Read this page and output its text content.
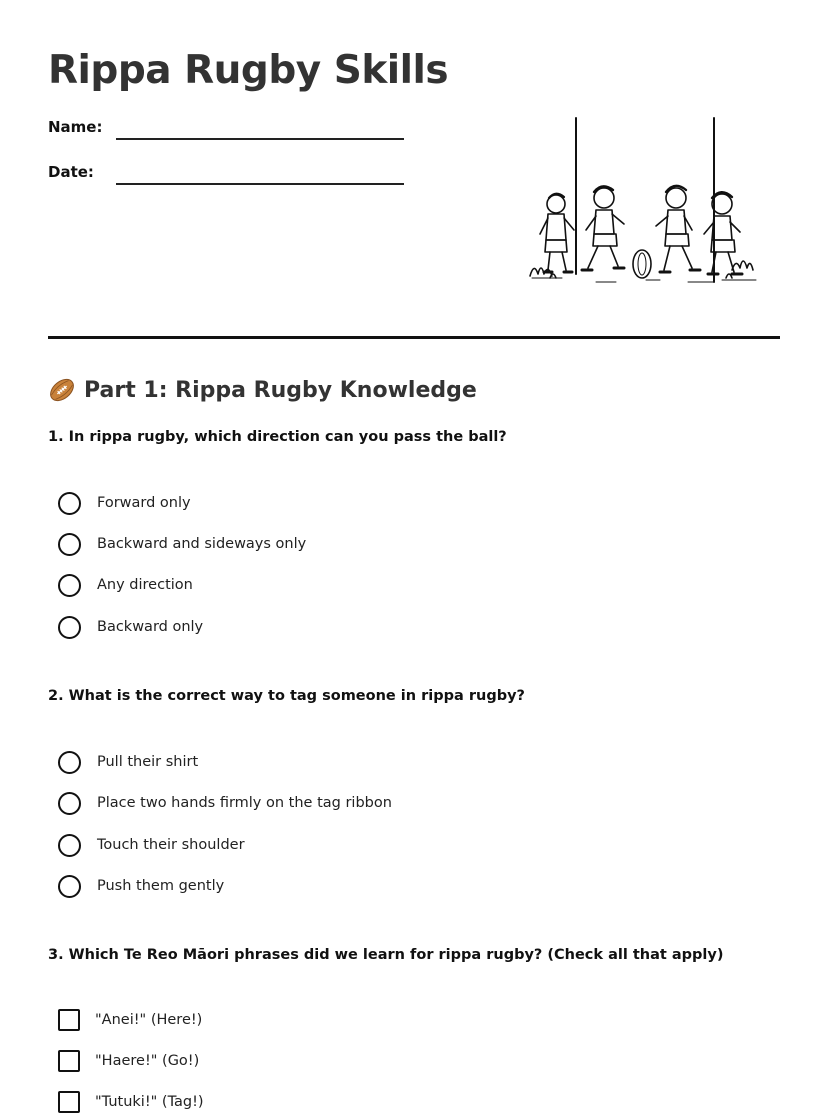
Rippa Rugby Skills
Name:
Date:
Part 1: Rippa Rugby Knowledge
1. In rippa rugby, which direction can you pass the ball?
Forward only
Backward and sideways only
Any direction
Backward only
2. What is the correct way to tag someone in rippa rugby?
Pull their shirt
Place two hands firmly on the tag ribbon
Touch their shoulder
Push them gently
3. Which Te Reo Māori phrases did we learn for rippa rugby? (Check all that apply)
"Anei!" (Here!)
"Haere!" (Go!)
"Tutuki!" (Tag!)
